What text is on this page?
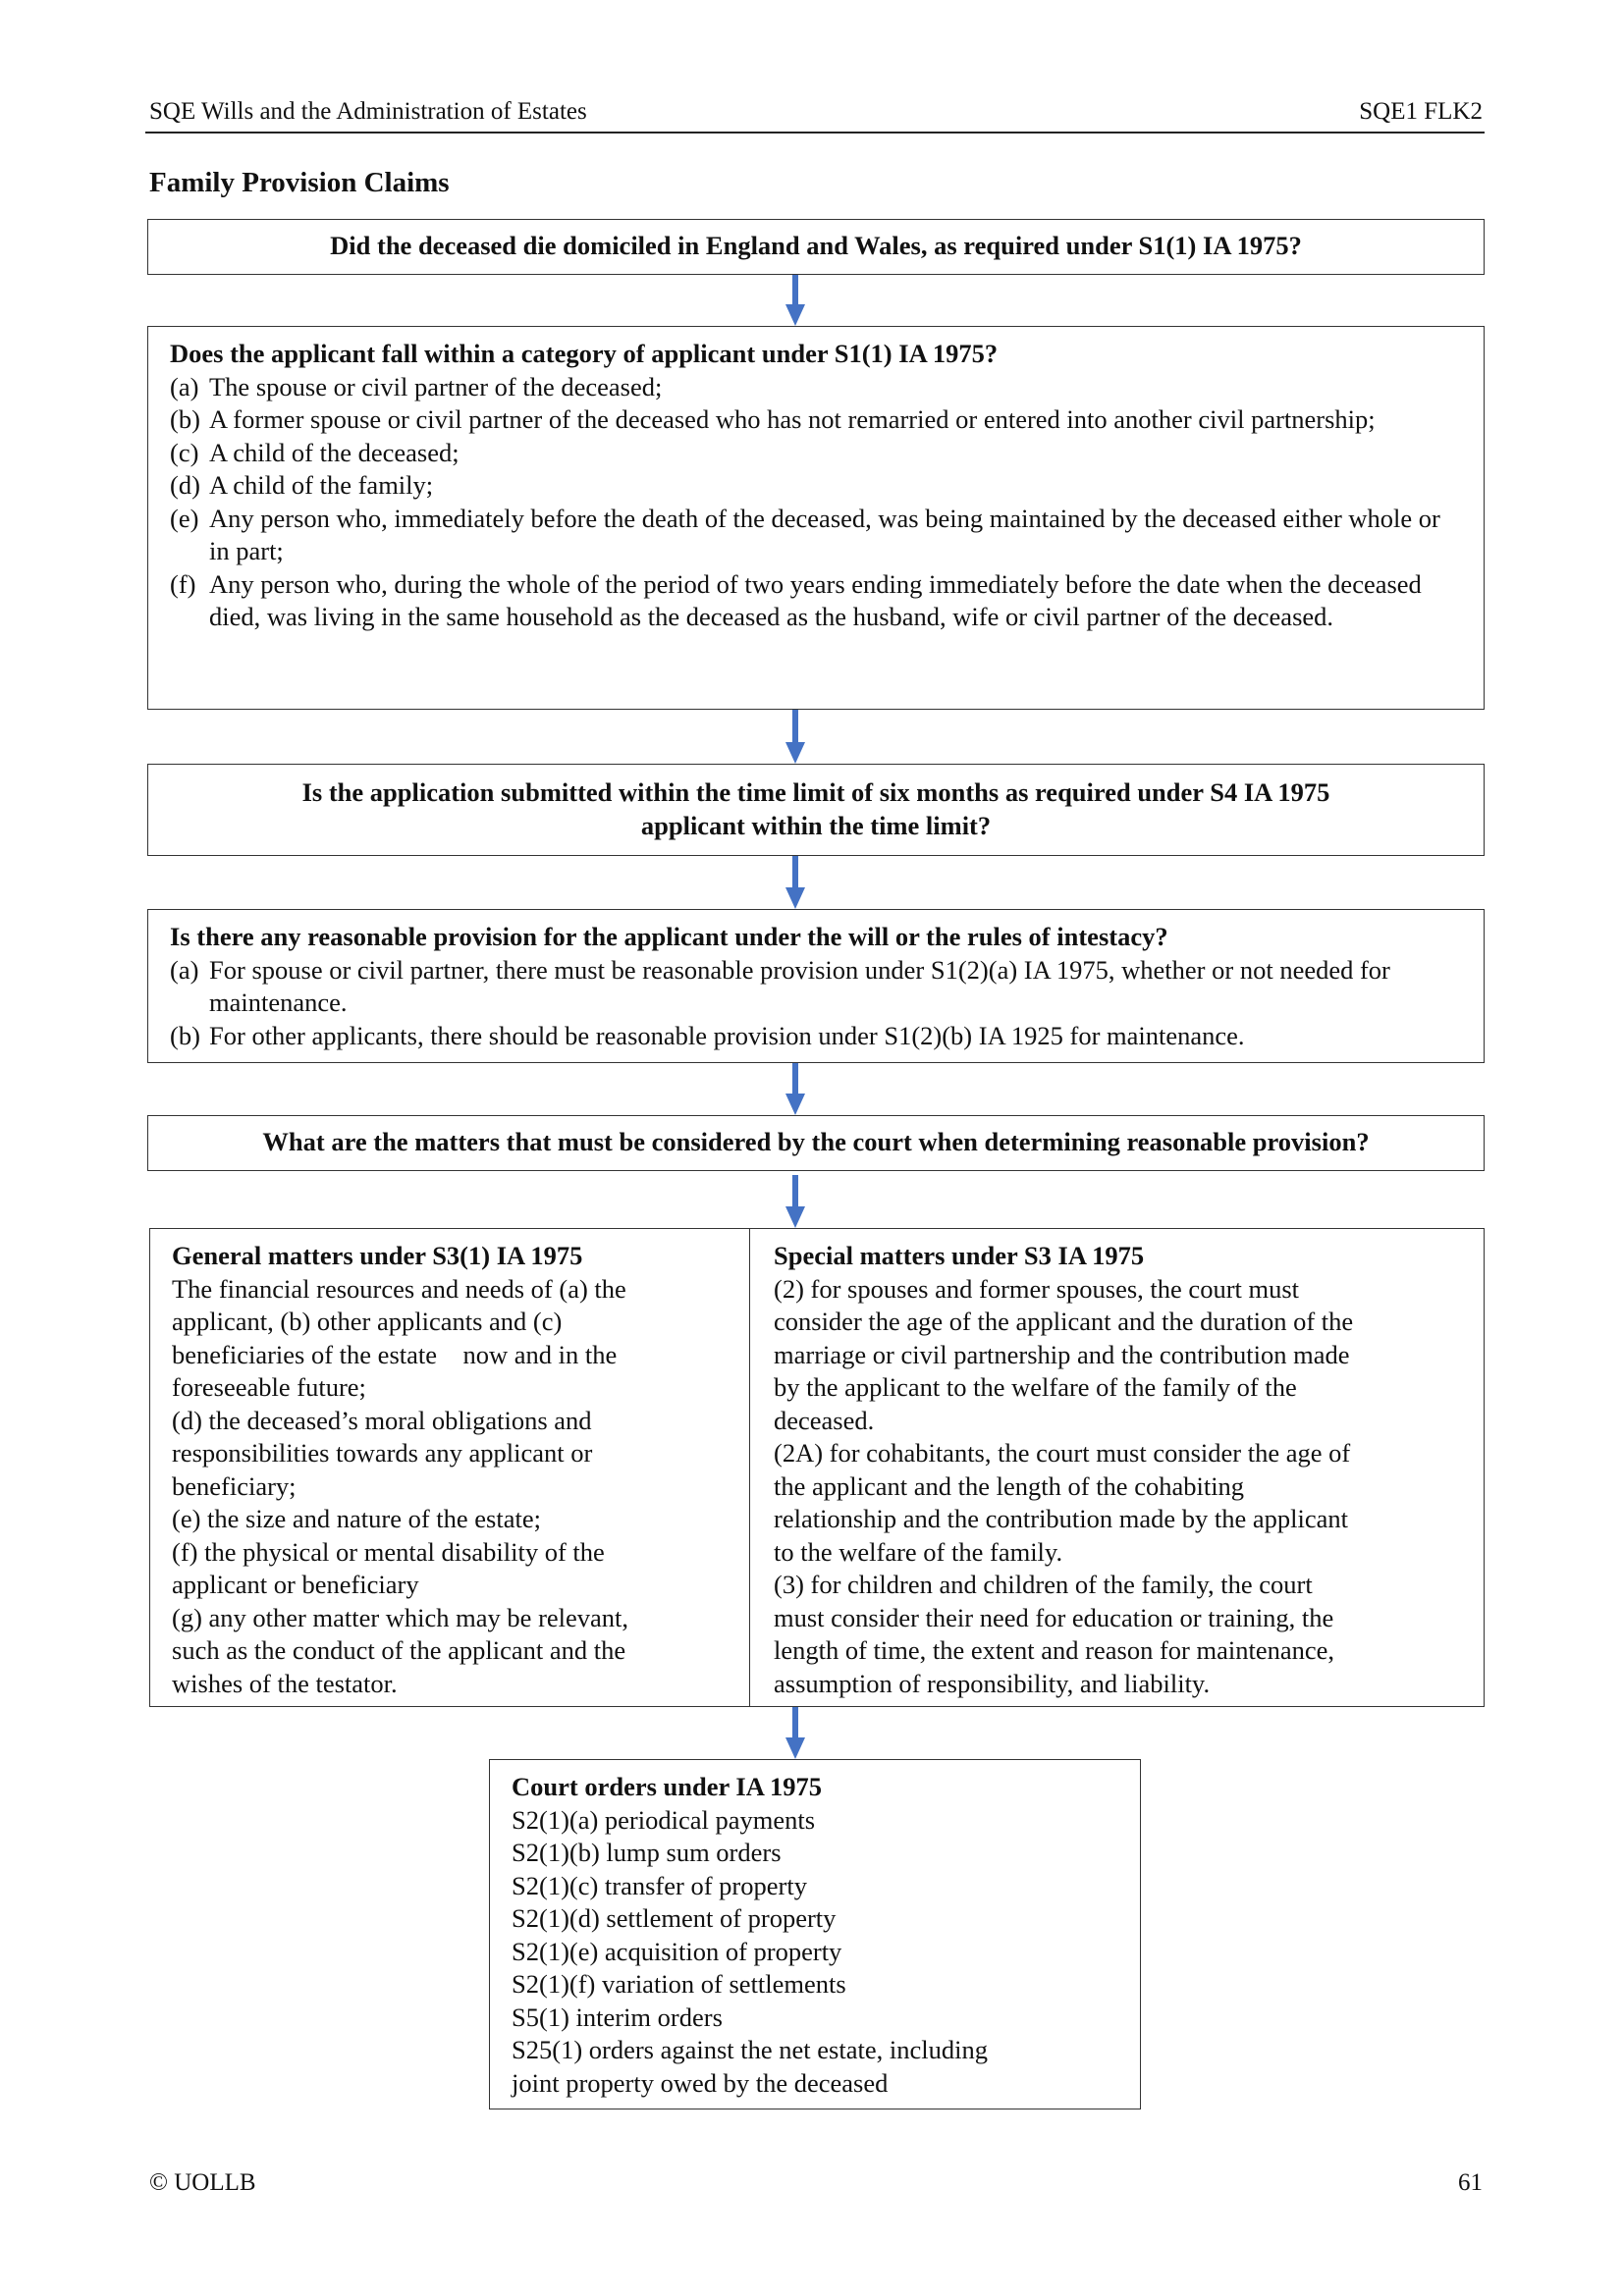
SQE Wills and the Administration of Estates	SQE1 FLK2
Family Provision Claims
Did the deceased die domiciled in England and Wales, as required under S1(1) IA 1975?
Does the applicant fall within a category of applicant under S1(1) IA 1975?
(a) The spouse or civil partner of the deceased;
(b) A former spouse or civil partner of the deceased who has not remarried or entered into another civil partnership;
(c) A child of the deceased;
(d) A child of the family;
(e) Any person who, immediately before the death of the deceased, was being maintained by the deceased either whole or in part;
(f) Any person who, during the whole of the period of two years ending immediately before the date when the deceased died, was living in the same household as the deceased as the husband, wife or civil partner of the deceased.
Is the application submitted within the time limit of six months as required under S4 IA 1975
applicant within the time limit?
Is there any reasonable provision for the applicant under the will or the rules of intestacy?
(a) For spouse or civil partner, there must be reasonable provision under S1(2)(a) IA 1975, whether or not needed for maintenance.
(b) For other applicants, there should be reasonable provision under S1(2)(b) IA 1925 for maintenance.
What are the matters that must be considered by the court when determining reasonable provision?
General matters under S3(1) IA 1975
The financial resources and needs of (a) the
applicant, (b) other applicants and (c)
beneficiaries of the estate    now and in the
foreseeable future;
(d) the deceased’s moral obligations and
responsibilities towards any applicant or
beneficiary;
(e) the size and nature of the estate;
(f) the physical or mental disability of the
applicant or beneficiary
(g) any other matter which may be relevant,
such as the conduct of the applicant and the
wishes of the testator.
Special matters under S3 IA 1975
(2) for spouses and former spouses, the court must
consider the age of the applicant and the duration of the
marriage or civil partnership and the contribution made
by the applicant to the welfare of the family of the
deceased.
(2A) for cohabitants, the court must consider the age of
the applicant and the length of the cohabiting
relationship and the contribution made by the applicant
to the welfare of the family.
(3) for children and children of the family, the court
must consider their need for education or training, the
length of time, the extent and reason for maintenance,
assumption of responsibility, and liability.
Court orders under IA 1975
S2(1)(a) periodical payments
S2(1)(b) lump sum orders
S2(1)(c) transfer of property
S2(1)(d) settlement of property
S2(1)(e) acquisition of property
S2(1)(f) variation of settlements
S5(1) interim orders
S25(1) orders against the net estate, including
joint property owed by the deceased
© UOLLB	61
